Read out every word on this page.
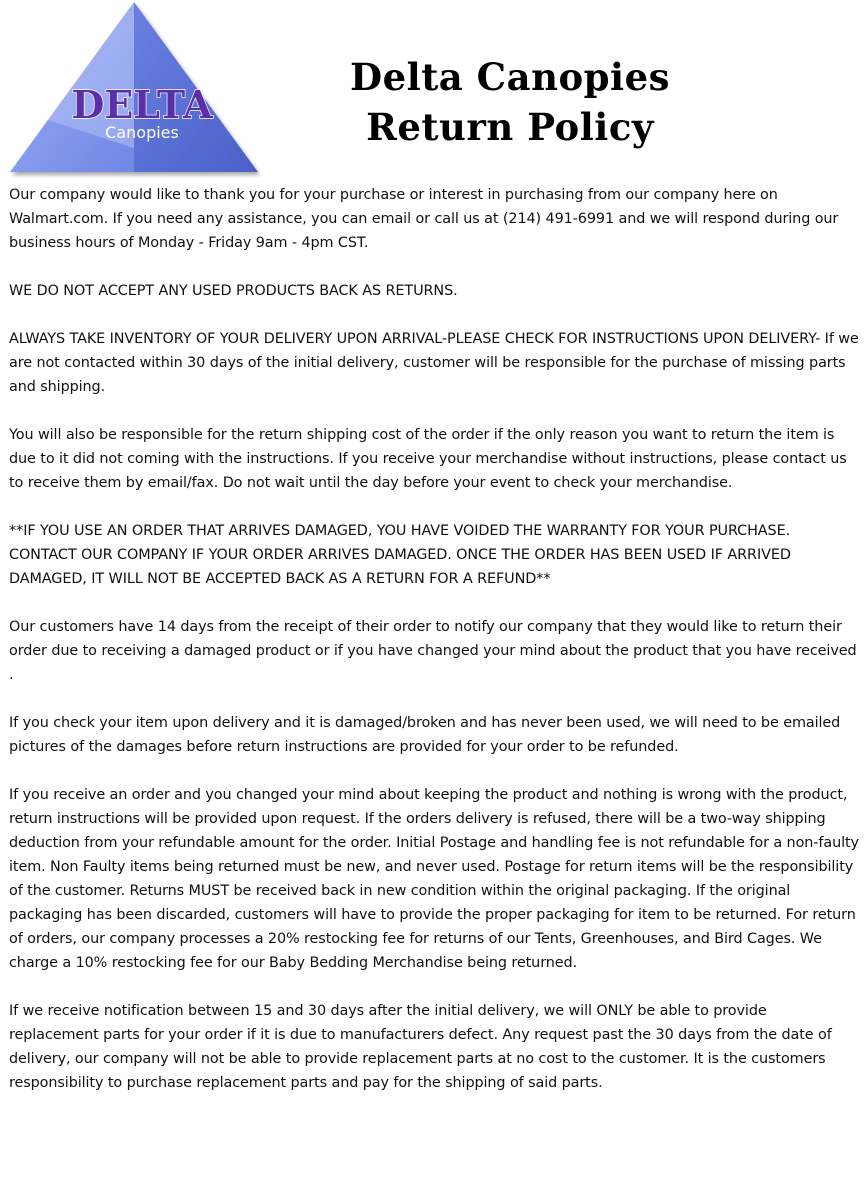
DELTA
Canopies
Delta Canopies
Return Policy

Our company would like to thank you for your purchase or interest in purchasing from our company here on Walmart.com. If you need any assistance, you can email or call us at (214) 491-6991 and we will respond during our business hours of Monday - Friday 9am - 4pm CST.

WE DO NOT ACCEPT ANY USED PRODUCTS BACK AS RETURNS.

ALWAYS TAKE INVENTORY OF YOUR DELIVERY UPON ARRIVAL-PLEASE CHECK FOR INSTRUCTIONS UPON DELIVERY- If we are not contacted within 30 days of the initial delivery, customer will be responsible for the purchase of missing parts and shipping.

You will also be responsible for the return shipping cost of the order if the only reason you want to return the item is due to it did not coming with the instructions. If you receive your merchandise without instructions, please contact us to receive them by email/fax. Do not wait until the day before your event to check your merchandise.

**IF YOU USE AN ORDER THAT ARRIVES DAMAGED, YOU HAVE VOIDED THE WARRANTY FOR YOUR PURCHASE. CONTACT OUR COMPANY IF YOUR ORDER ARRIVES DAMAGED. ONCE THE ORDER HAS BEEN USED IF ARRIVED DAMAGED, IT WILL NOT BE ACCEPTED BACK AS A RETURN FOR A REFUND**

Our customers have 14 days from the receipt of their order to notify our company that they would like to return their order due to receiving a damaged product or if you have changed your mind about the product that you have received .

If you check your item upon delivery and it is damaged/broken and has never been used, we will need to be emailed pictures of the damages before return instructions are provided for your order to be refunded.

If you receive an order and you changed your mind about keeping the product and nothing is wrong with the product, return instructions will be provided upon request. If the orders delivery is refused, there will be a two-way shipping deduction from your refundable amount for the order. Initial Postage and handling fee is not refundable for a non-faulty item. Non Faulty items being returned must be new, and never used. Postage for return items will be the responsibility of the customer. Returns MUST be received back in new condition within the original packaging. If the original packaging has been discarded, customers will have to provide the proper packaging for item to be returned. For return of orders, our company processes a 20% restocking fee for returns of our Tents, Greenhouses, and Bird Cages. We charge a 10% restocking fee for our Baby Bedding Merchandise being returned.

If we receive notification between 15 and 30 days after the initial delivery, we will ONLY be able to provide replacement parts for your order if it is due to manufacturers defect. Any request past the 30 days from the date of delivery, our company will not be able to provide replacement parts at no cost to the customer. It is the customers responsibility to purchase replacement parts and pay for the shipping of said parts.
